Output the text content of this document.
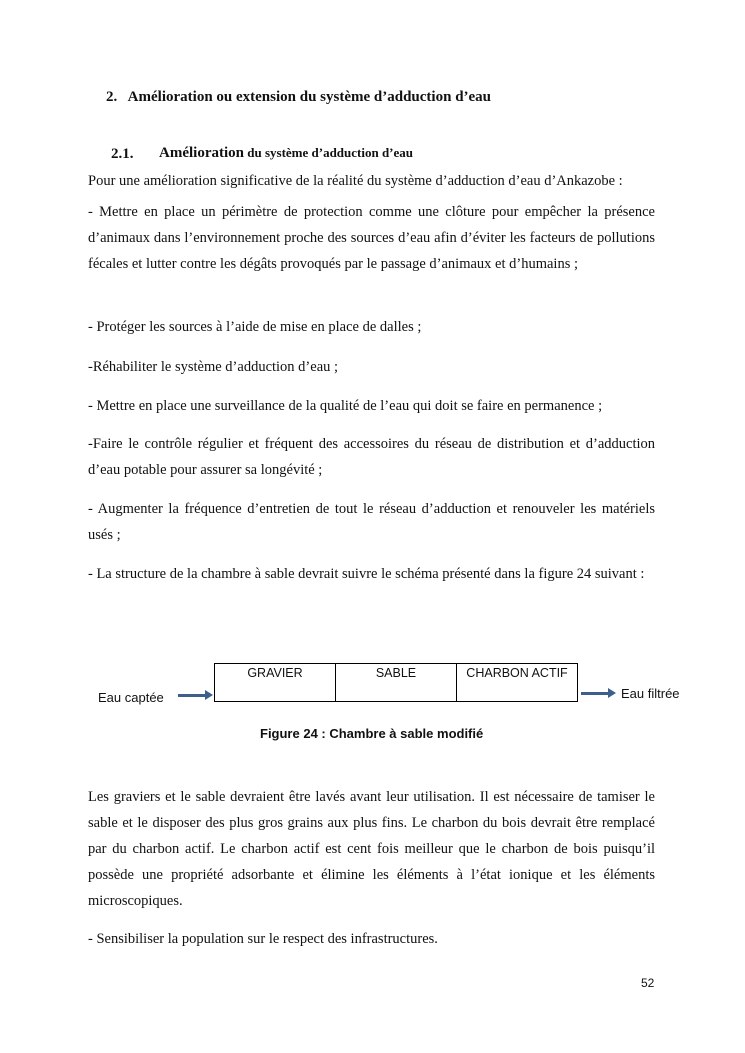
2.   Amélioration ou extension du système d’adduction d’eau
2.1. Amélioration du système d’adduction d’eau
Pour une amélioration significative de la réalité du système d’adduction d’eau d’Ankazobe :
- Mettre en place un périmètre de protection comme une clôture pour empêcher la présence d’animaux dans l’environnement proche des sources d’eau afin d’éviter les facteurs de pollutions fécales et lutter contre les dégâts provoqués par le passage d’animaux et d’humains ;
- Protéger les sources à l’aide de mise en place de dalles ;
-Réhabiliter le système d’adduction d’eau ;
- Mettre en place une surveillance de la qualité de l’eau qui doit se faire en permanence ;
-Faire le contrôle régulier et fréquent des accessoires du réseau de distribution et d’adduction d’eau potable pour assurer sa longévité ;
- Augmenter la fréquence d’entretien de tout le réseau d’adduction et renouveler les matériels usés ;
- La structure de la chambre à sable devrait suivre le schéma présenté dans la figure 24 suivant :
Eau captée
GRAVIER	SABLE	CHARBON ACTIF
Eau filtrée
Figure 24 : Chambre à sable modifié
Les graviers et le sable devraient être lavés avant leur utilisation. Il est nécessaire de tamiser le sable et le disposer des plus gros grains aux plus fins. Le charbon du bois devrait être remplacé par du charbon actif. Le charbon actif est cent fois meilleur que le charbon de bois puisqu’il possède une propriété adsorbante et élimine les éléments à l’état ionique et les éléments microscopiques.
- Sensibiliser la population sur le respect des infrastructures.
52
